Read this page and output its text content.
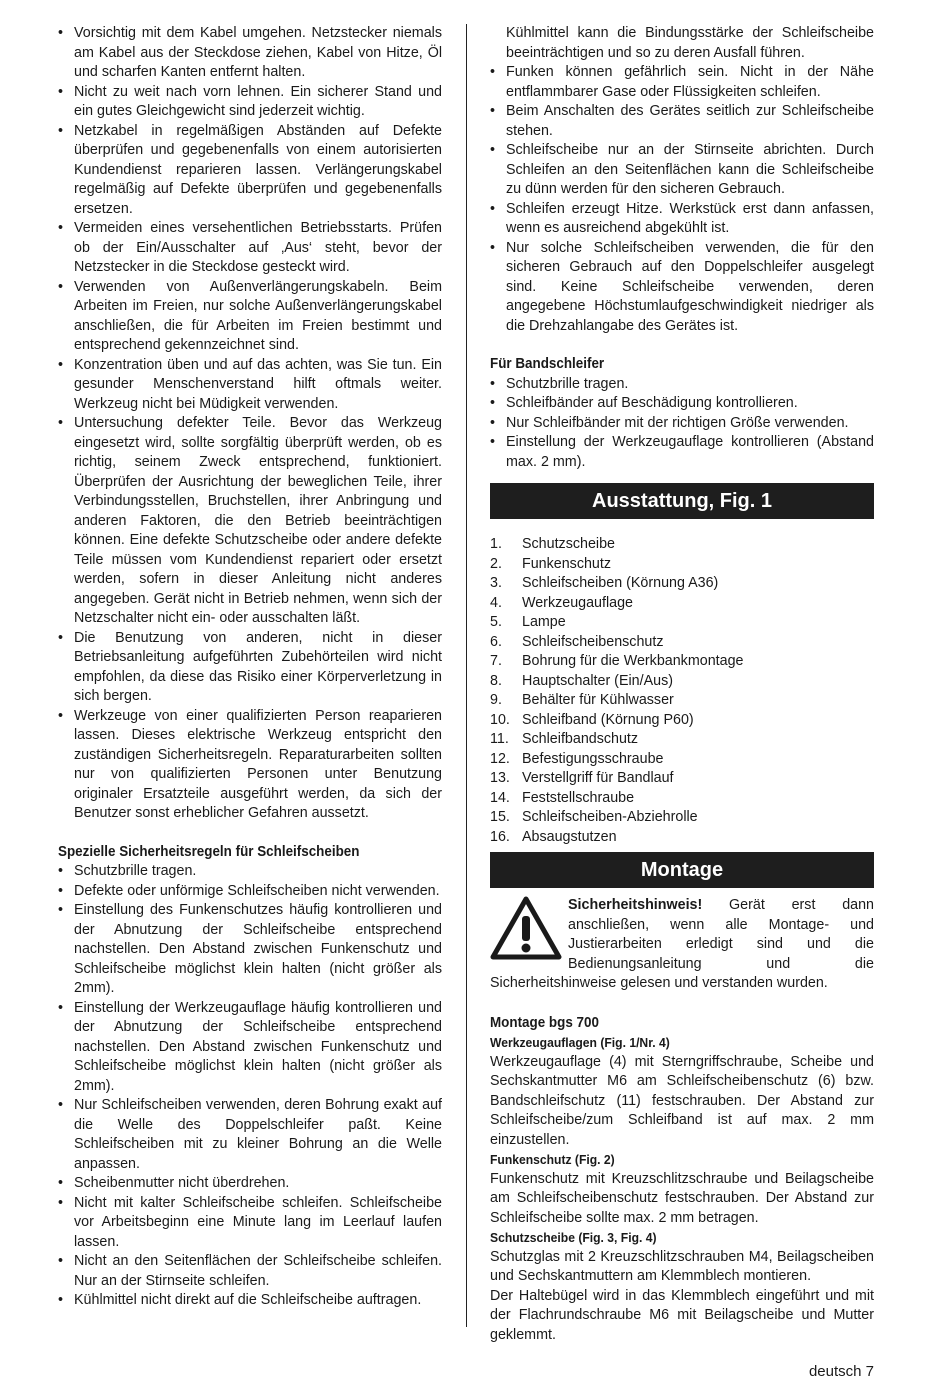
• Vorsichtig mit dem Kabel umgehen. Netzstecker niemals am Kabel aus der Steckdose ziehen, Kabel von Hitze, Öl und scharfen Kanten entfernt halten.
• Nicht zu weit nach vorn lehnen. Ein sicherer Stand und ein gutes Gleichgewicht sind jederzeit wichtig.
• Netzkabel in regelmäßigen Abständen auf Defekte überprüfen und gegebenenfalls von einem autorisierten Kundendienst reparieren lassen. Verlängerungskabel regelmäßig auf Defekte überprüfen und gegebenenfalls ersetzen.
• Vermeiden eines versehentlichen Betriebsstarts. Prüfen ob der Ein/Ausschalter auf ‚Aus‘ steht, bevor der Netzstecker in die Steckdose gesteckt wird.
• Verwenden von Außenverlängerungskabeln. Beim Arbeiten im Freien, nur solche Außenverlängerungskabel anschließen, die für Arbeiten im Freien bestimmt und entsprechend gekennzeichnet sind.
• Konzentration üben und auf das achten, was Sie tun. Ein gesunder Menschenverstand hilft oftmals weiter. Werkzeug nicht bei Müdigkeit verwenden.
• Untersuchung defekter Teile. Bevor das Werkzeug eingesetzt wird, sollte sorgfältig überprüft werden, ob es richtig, seinem Zweck entsprechend, funktioniert. Überprüfen der Ausrichtung der beweglichen Teile, ihrer Verbindungsstellen, Bruchstellen, ihrer Anbringung und anderen Faktoren, die den Betrieb beeinträchtigen können. Eine defekte Schutzscheibe oder andere defekte Teile müssen vom Kundendienst repariert oder ersetzt werden, sofern in dieser Anleitung nicht anderes angegeben. Gerät nicht in Betrieb nehmen, wenn sich der Netzschalter nicht ein- oder ausschalten läßt.
• Die Benutzung von anderen, nicht in dieser Betriebsanleitung aufgeführten Zubehörteilen wird nicht empfohlen, da diese das Risiko einer Körperverletzung in sich bergen.
• Werkzeuge von einer qualifizierten Person reaparieren lassen. Dieses elektrische Werkzeug entspricht den zuständigen Sicherheitsregeln. Reparaturarbeiten sollten nur von qualifizierten Personen unter Benutzung originaler Ersatzteile ausgeführt werden, da sich der Benutzer sonst erheblicher Gefahren aussetzt.
Spezielle Sicherheitsregeln für Schleifscheiben
• Schutzbrille tragen.
• Defekte oder unförmige Schleifscheiben nicht verwenden.
• Einstellung des Funkenschutzes häufig kontrollieren und der Abnutzung der Schleifscheibe entsprechend nachstellen. Den Abstand zwischen Funkenschutz und Schleifscheibe möglichst klein halten (nicht größer als 2mm).
• Einstellung der Werkzeugauflage häufig kontrollieren und der Abnutzung der Schleifscheibe entsprechend nachstellen. Den Abstand zwischen Funkenschutz und Schleifscheibe möglichst klein halten (nicht größer als 2mm).
• Nur Schleifscheiben verwenden, deren Bohrung exakt auf die Welle des Doppelschleifer paßt. Keine Schleifscheiben mit zu kleiner Bohrung an die Welle anpassen.
• Scheibenmutter nicht überdrehen.
• Nicht mit kalter Schleifscheibe schleifen. Schleifscheibe vor Arbeitsbeginn eine Minute lang im Leerlauf laufen lassen.
• Nicht an den Seitenflächen der Schleifscheibe schleifen. Nur an der Stirnseite schleifen.
• Kühlmittel nicht direkt auf die Schleifscheibe auftragen.
Kühlmittel kann die Bindungsstärke der Schleifscheibe beeinträchtigen und so zu deren Ausfall führen.
• Funken können gefährlich sein. Nicht in der Nähe entflammbarer Gase oder Flüssigkeiten schleifen.
• Beim Anschalten des Gerätes seitlich zur Schleifscheibe stehen.
• Schleifscheibe nur an der Stirnseite abrichten. Durch Schleifen an den Seitenflächen kann die Schleifscheibe zu dünn werden für den sicheren Gebrauch.
• Schleifen erzeugt Hitze. Werkstück erst dann anfassen, wenn es ausreichend abgekühlt ist.
• Nur solche Schleifscheiben verwenden, die für den sicheren Gebrauch auf den Doppelschleifer ausgelegt sind. Keine Schleifscheibe verwenden, deren angegebene Höchstumlaufgeschwindigkeit niedriger als die Drehzahlangabe des Gerätes ist.
Für Bandschleifer
• Schutzbrille tragen.
• Schleifbänder auf Beschädigung kontrollieren.
• Nur Schleifbänder mit der richtigen Größe verwenden.
• Einstellung der Werkzeugauflage kontrollieren (Abstand max. 2 mm).
Ausstattung, Fig. 1
1.	Schutzscheibe
2.	Funkenschutz
3.	Schleifscheiben (Körnung A36)
4.	Werkzeugauflage
5.	Lampe
6.	Schleifscheibenschutz
7.	Bohrung für die Werkbankmontage
8.	Hauptschalter (Ein/Aus)
9.	Behälter für Kühlwasser
10. Schleifband (Körnung P60)
11. Schleifbandschutz
12. Befestigungsschraube
13. Verstellgriff für Bandlauf
14. Feststellschraube
15. Schleifscheiben-Abziehrolle
16. Absaugstutzen
Montage
Sicherheitshinweis! Gerät erst dann anschließen, wenn alle Montage- und Justierarbeiten erledigt sind und die Bedienungsanleitung und die Sicherheitshinweise gelesen und verstanden wurden.
Montage bgs 700
Werkzeugauflagen (Fig. 1/Nr. 4)

Werkzeugauflage (4) mit Sterngriffschraube, Scheibe und Sechskantmutter M6 am Schleifscheibenschutz (6) bzw. Bandschleifschutz (11) festschrauben. Der Abstand zur Schleifscheibe/zum Schleifband ist auf max. 2 mm einzustellen.

Funkenschutz (Fig. 2)

Funkenschutz mit Kreuzschlitzschraube und Beilagscheibe am Schleifscheibenschutz festschrauben. Der Abstand zur Schleifscheibe sollte max. 2 mm betragen.

Schutzscheibe (Fig. 3, Fig. 4)

Schutzglas mit 2 Kreuzschlitzschrauben M4, Beilagscheiben und Sechskantmuttern am Klemmblech montieren.

Der Haltebügel wird in das Klemmblech eingeführt und mit der Flachrundschraube M6 mit Beilagscheibe und Mutter geklemmt.

deutsch 7
